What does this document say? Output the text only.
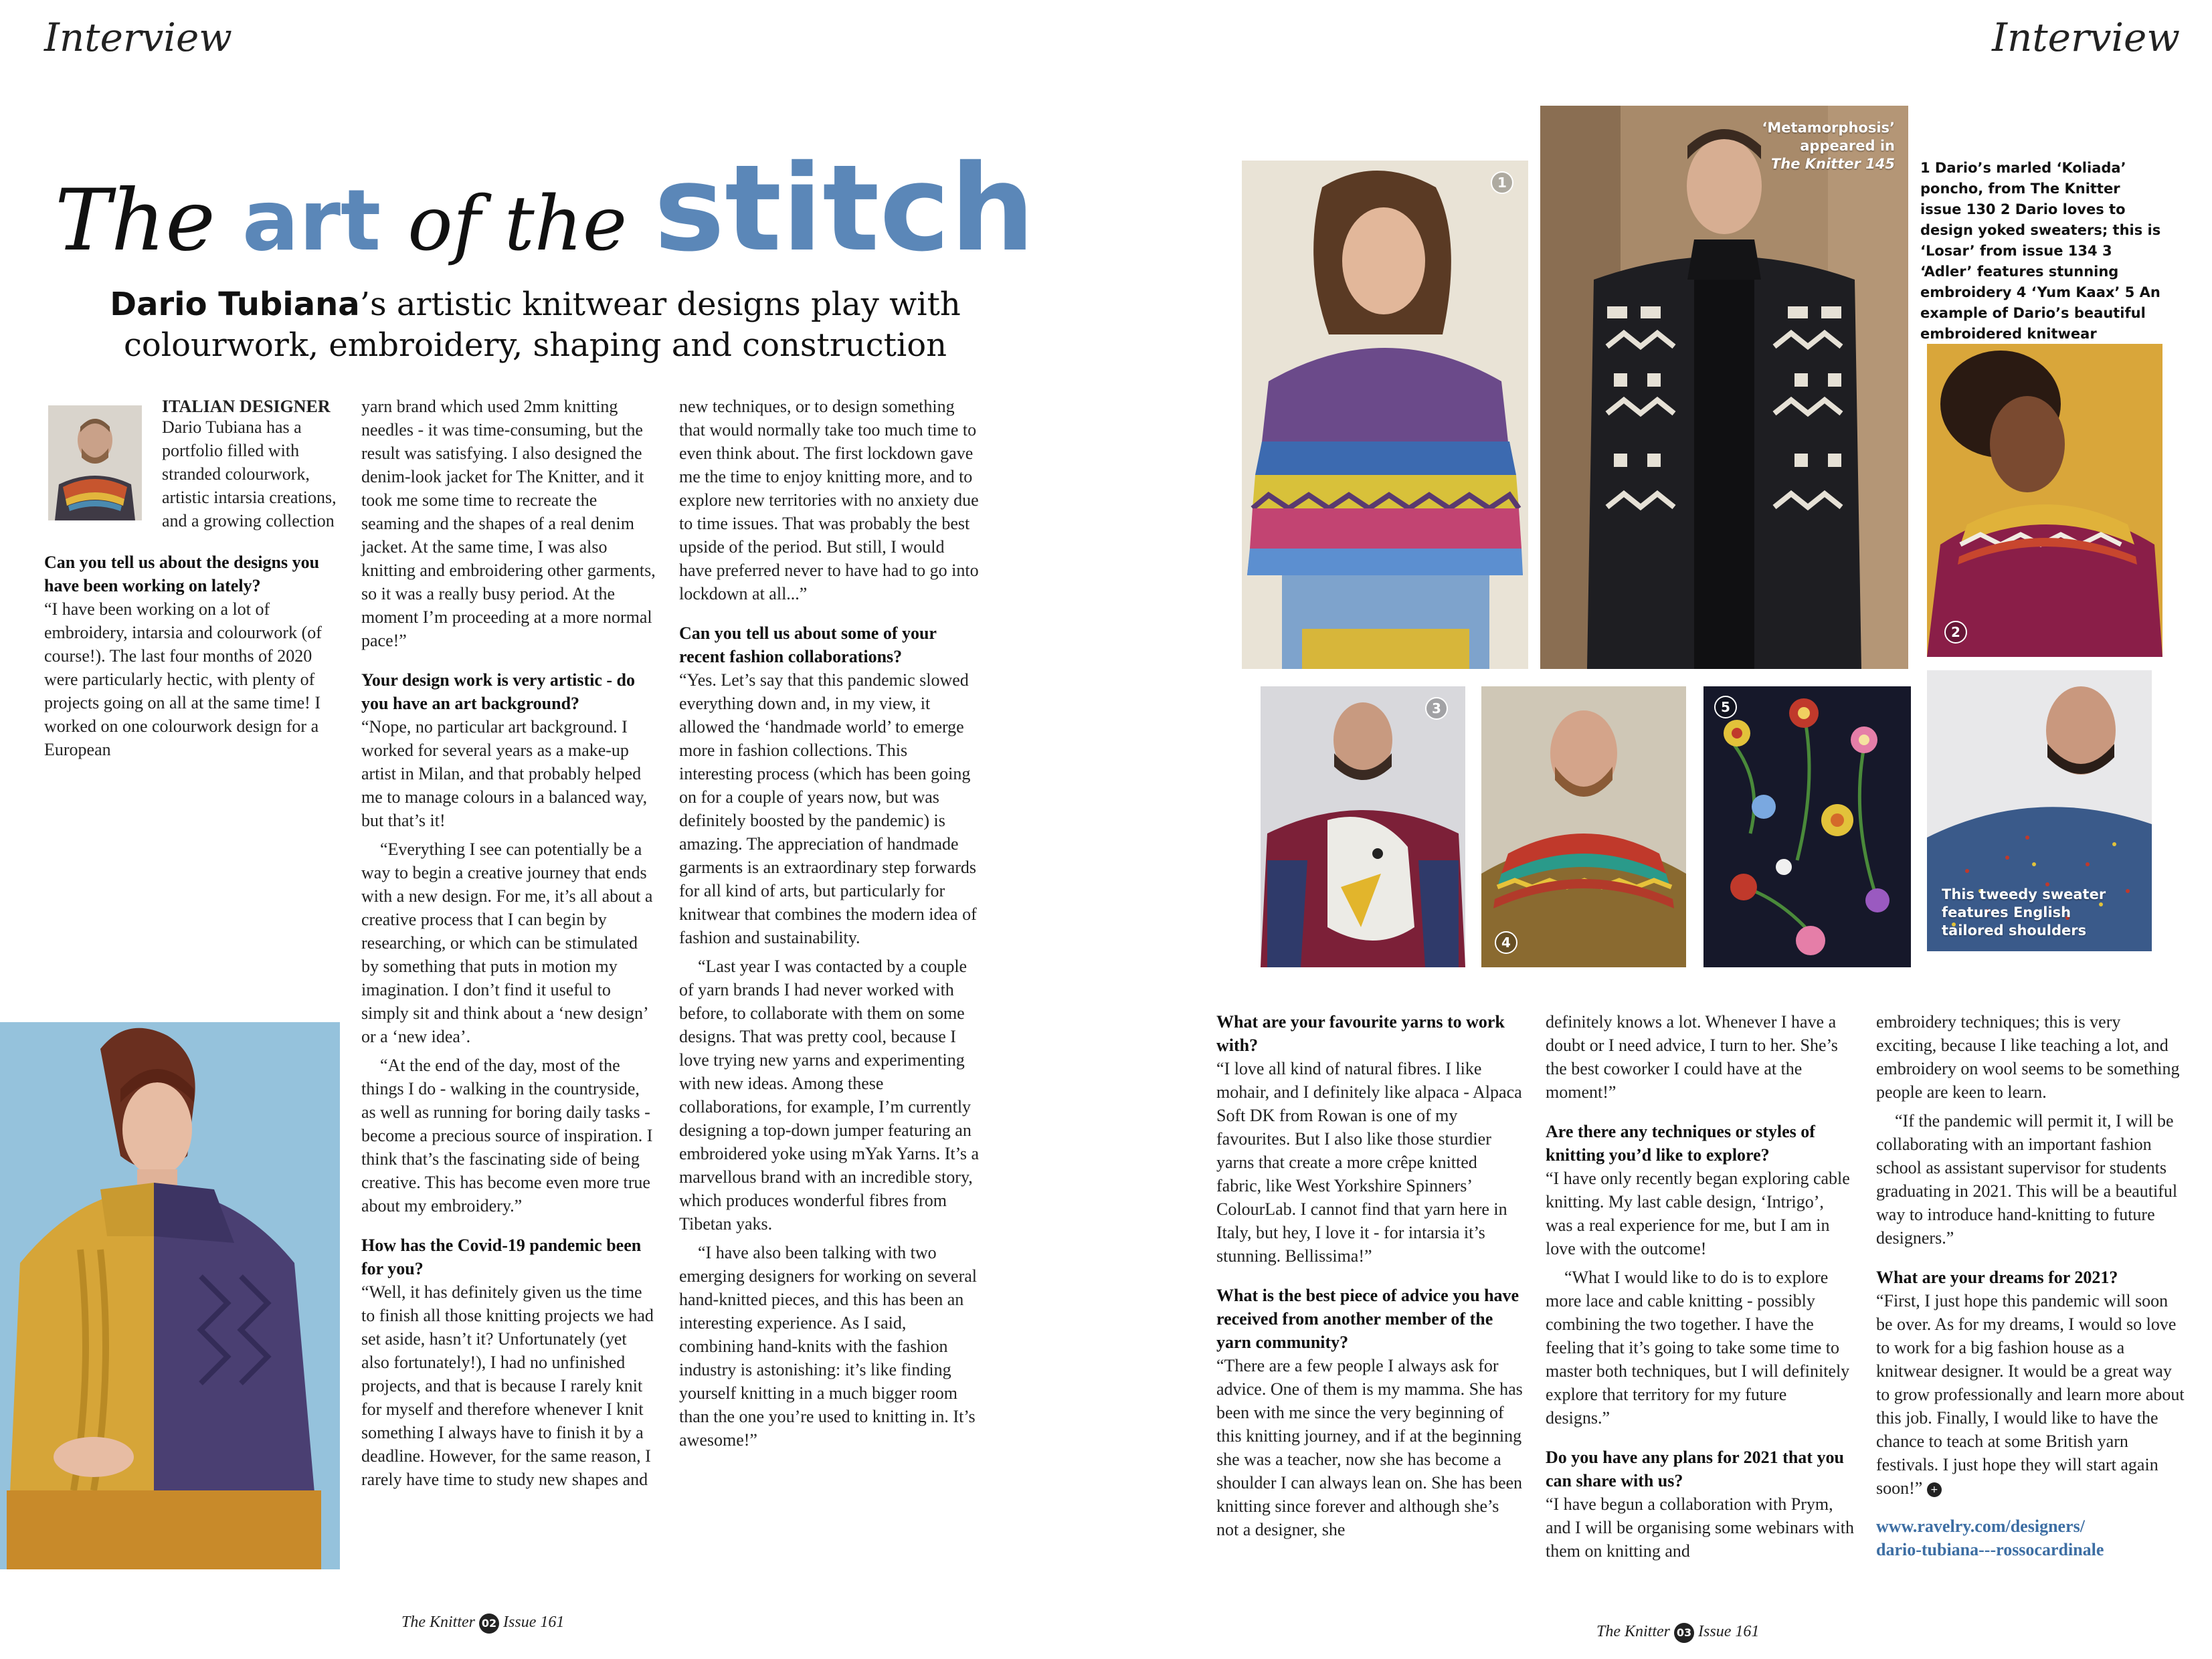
Interview
The art of the stitch
Dario Tubiana’s artistic knitwear designs play with colourwork, embroidery, shaping and construction

ITALIAN DESIGNER

Dario Tubiana has a portfolio filled with stranded colourwork, artistic intarsia creations, and a growing collection

Can you tell us about the designs you have been working on lately?

“I have been working on a lot of embroidery, intarsia and colourwork (of course!). The last four months of 2020 were particularly hectic, with plenty of projects going on all at the same time! I worked on one colourwork design for a European

yarn brand which used 2mm knitting needles - it was time-consuming, but the result was satisfying. I also designed the denim-look jacket for The Knitter, and it took me some time to recreate the seaming and the shapes of a real denim jacket. At the same time, I was also knitting and embroidering other garments, so it was a really busy period. At the moment I’m proceeding at a more normal pace!”

Your design work is very artistic - do you have an art background?

“Nope, no particular art background. I worked for several years as a make-up artist in Milan, and that probably helped me to manage colours in a balanced way, but that’s it!

“Everything I see can potentially be a way to begin a creative journey that ends with a new design. For me, it’s all about a creative process that I can begin by researching, or which can be stimulated by something that puts in motion my imagination. I don’t find it useful to simply sit and think about a ‘new design’ or a ‘new idea’.

“At the end of the day, most of the things I do - walking in the countryside, as well as running for boring daily tasks - become a precious source of inspiration. I think that’s the fascinating side of being creative. This has become even more true about my embroidery.”

How has the Covid-19 pandemic been for you?

“Well, it has definitely given us the time to finish all those knitting projects we had set aside, hasn’t it? Unfortunately (yet also fortunately!), I had no unfinished projects, and that is because I rarely knit for myself and therefore whenever I knit something I always have to finish it by a deadline. However, for the same reason, I rarely have time to study new shapes and

new techniques, or to design something that would normally take too much time to even think about. The first lockdown gave me the time to enjoy knitting more, and to explore new territories with no anxiety due to time issues. That was probably the best upside of the period. But still, I would have preferred never to have had to go into lockdown at all...”

Can you tell us about some of your recent fashion collaborations?

“Yes. Let’s say that this pandemic slowed everything down and, in my view, it allowed the ‘handmade world’ to emerge more in fashion collections. This interesting process (which has been going on for a couple of years now, but was definitely boosted by the pandemic) is amazing. The appreciation of handmade garments is an extraordinary step forwards for all kind of arts, but particularly for knitwear that combines the modern idea of fashion and sustainability.

“Last year I was contacted by a couple of yarn brands I had never worked with before, to collaborate with them on some designs. That was pretty cool, because I love trying new yarns and experimenting with new ideas. Among these collaborations, for example, I’m currently designing a top-down jumper featuring an embroidered yoke using mYak Yarns. It’s a marvellous brand with an incredible story, which produces wonderful fibres from Tibetan yaks.

“I have also been talking with two emerging designers for working on several hand-knitted pieces, and this has been an interesting experience. As I said, combining hand-knits with the fashion industry is astonishing: it’s like finding yourself knitting in a much bigger room than the one you’re used to knitting in. It’s awesome!”

The Knitter 02 Issue 161
Interview
1
‘Metamorphosis’
appeared in
The Knitter 145 1 Dario’s marled ‘Koliada’ poncho, from The Knitter issue 130 2 Dario loves to design yoked sweaters; this is ‘Losar’ from issue 134 3 ‘Adler’ features stunning embroidery 4 ‘Yum Kaax’ 5 An example of Dario’s beautiful embroidered knitwear
2
3
4
5
This tweedy sweater
features English
tailored shoulders
What are your favourite yarns to work with?

“I love all kind of natural fibres. I like mohair, and I definitely like alpaca - Alpaca Soft DK from Rowan is one of my favourites. But I also like those sturdier yarns that create a more crêpe knitted fabric, like West Yorkshire Spinners’ ColourLab. I cannot find that yarn here in Italy, but hey, I love it - for intarsia it’s stunning. Bellissima!”

What is the best piece of advice you have received from another member of the yarn community?

“There are a few people I always ask for advice. One of them is my mamma. She has been with me since the very beginning of this knitting journey, and if at the beginning she was a teacher, now she has become a shoulder I can always lean on. She has been knitting since forever and although she’s not a designer, she

definitely knows a lot. Whenever I have a doubt or I need advice, I turn to her. She’s the best coworker I could have at the moment!”

Are there any techniques or styles of knitting you’d like to explore?

“I have only recently began exploring cable knitting. My last cable design, ‘Intrigo’, was a real experience for me, but I am in love with the outcome!

“What I would like to do is to explore more lace and cable knitting - possibly combining the two together. I have the feeling that it’s going to take some time to master both techniques, but I will definitely explore that territory for my future designs.”

Do you have any plans for 2021 that you can share with us?

“I have begun a collaboration with Prym, and I will be organising some webinars with them on knitting and

embroidery techniques; this is very exciting, because I like teaching a lot, and embroidery on wool seems to be something people are keen to learn.

“If the pandemic will permit it, I will be collaborating with an important fashion school as assistant supervisor for students graduating in 2021. This will be a beautiful way to introduce hand-knitting to future designers.”

What are your dreams for 2021?

“First, I just hope this pandemic will soon be over. As for my dreams, I would so love to work for a big fashion house as a knitwear designer. It would be a great way to grow professionally and learn more about this job. Finally, I would like to have the chance to teach at some British yarn festivals. I just hope they will start again soon!” +

www.ravelry.com/designers/
dario-tubiana---rossocardinale

The Knitter 03 Issue 161
